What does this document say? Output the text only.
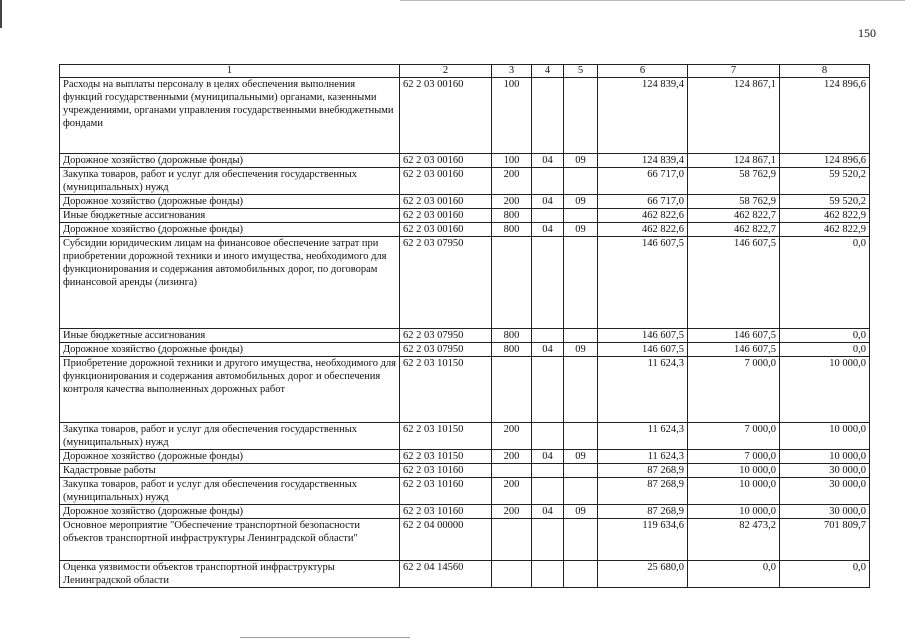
150
1	2	3	4	5	6	7	8
Расходы на выплаты персоналу в целях обеспечения выполнения функций государственными (муниципальными) органами, казенными учреждениями, органами управления государственными внебюджетными фондами	62 2 03 00160	100			124 839,4	124 867,1	124 896,6
Дорожное хозяйство (дорожные фонды)	62 2 03 00160	100	04	09	124 839,4	124 867,1	124 896,6
Закупка товаров, работ и услуг для обеспечения государственных (муниципальных) нужд	62 2 03 00160	200			66 717,0	58 762,9	59 520,2
Дорожное хозяйство (дорожные фонды)	62 2 03 00160	200	04	09	66 717,0	58 762,9	59 520,2
Иные бюджетные ассигнования	62 2 03 00160	800			462 822,6	462 822,7	462 822,9
Дорожное хозяйство (дорожные фонды)	62 2 03 00160	800	04	09	462 822,6	462 822,7	462 822,9
Субсидии юридическим лицам на финансовое обеспечение затрат при приобретении дорожной техники и иного имущества, необходимого для функционирования и содержания автомобильных дорог, по договорам финансовой аренды (лизинга)	62 2 03 07950				146 607,5	146 607,5	0,0
Иные бюджетные ассигнования	62 2 03 07950	800			146 607,5	146 607,5	0,0
Дорожное хозяйство (дорожные фонды)	62 2 03 07950	800	04	09	146 607,5	146 607,5	0,0
Приобретение дорожной техники и другого имущества, необходимого для функционирования и содержания автомобильных дорог и обеспечения контроля качества выполненных дорожных работ	62 2 03 10150				11 624,3	7 000,0	10 000,0
Закупка товаров, работ и услуг для обеспечения государственных (муниципальных) нужд	62 2 03 10150	200			11 624,3	7 000,0	10 000,0
Дорожное хозяйство (дорожные фонды)	62 2 03 10150	200	04	09	11 624,3	7 000,0	10 000,0
Кадастровые работы	62 2 03 10160				87 268,9	10 000,0	30 000,0
Закупка товаров, работ и услуг для обеспечения государственных (муниципальных) нужд	62 2 03 10160	200			87 268,9	10 000,0	30 000,0
Дорожное хозяйство (дорожные фонды)	62 2 03 10160	200	04	09	87 268,9	10 000,0	30 000,0
Основное мероприятие "Обеспечение транспортной безопасности объектов транспортной инфраструктуры Ленинградской области"	62 2 04 00000				119 634,6	82 473,2	701 809,7
Оценка уязвимости объектов транспортной инфраструктуры Ленинградской области	62 2 04 14560				25 680,0	0,0	0,0
